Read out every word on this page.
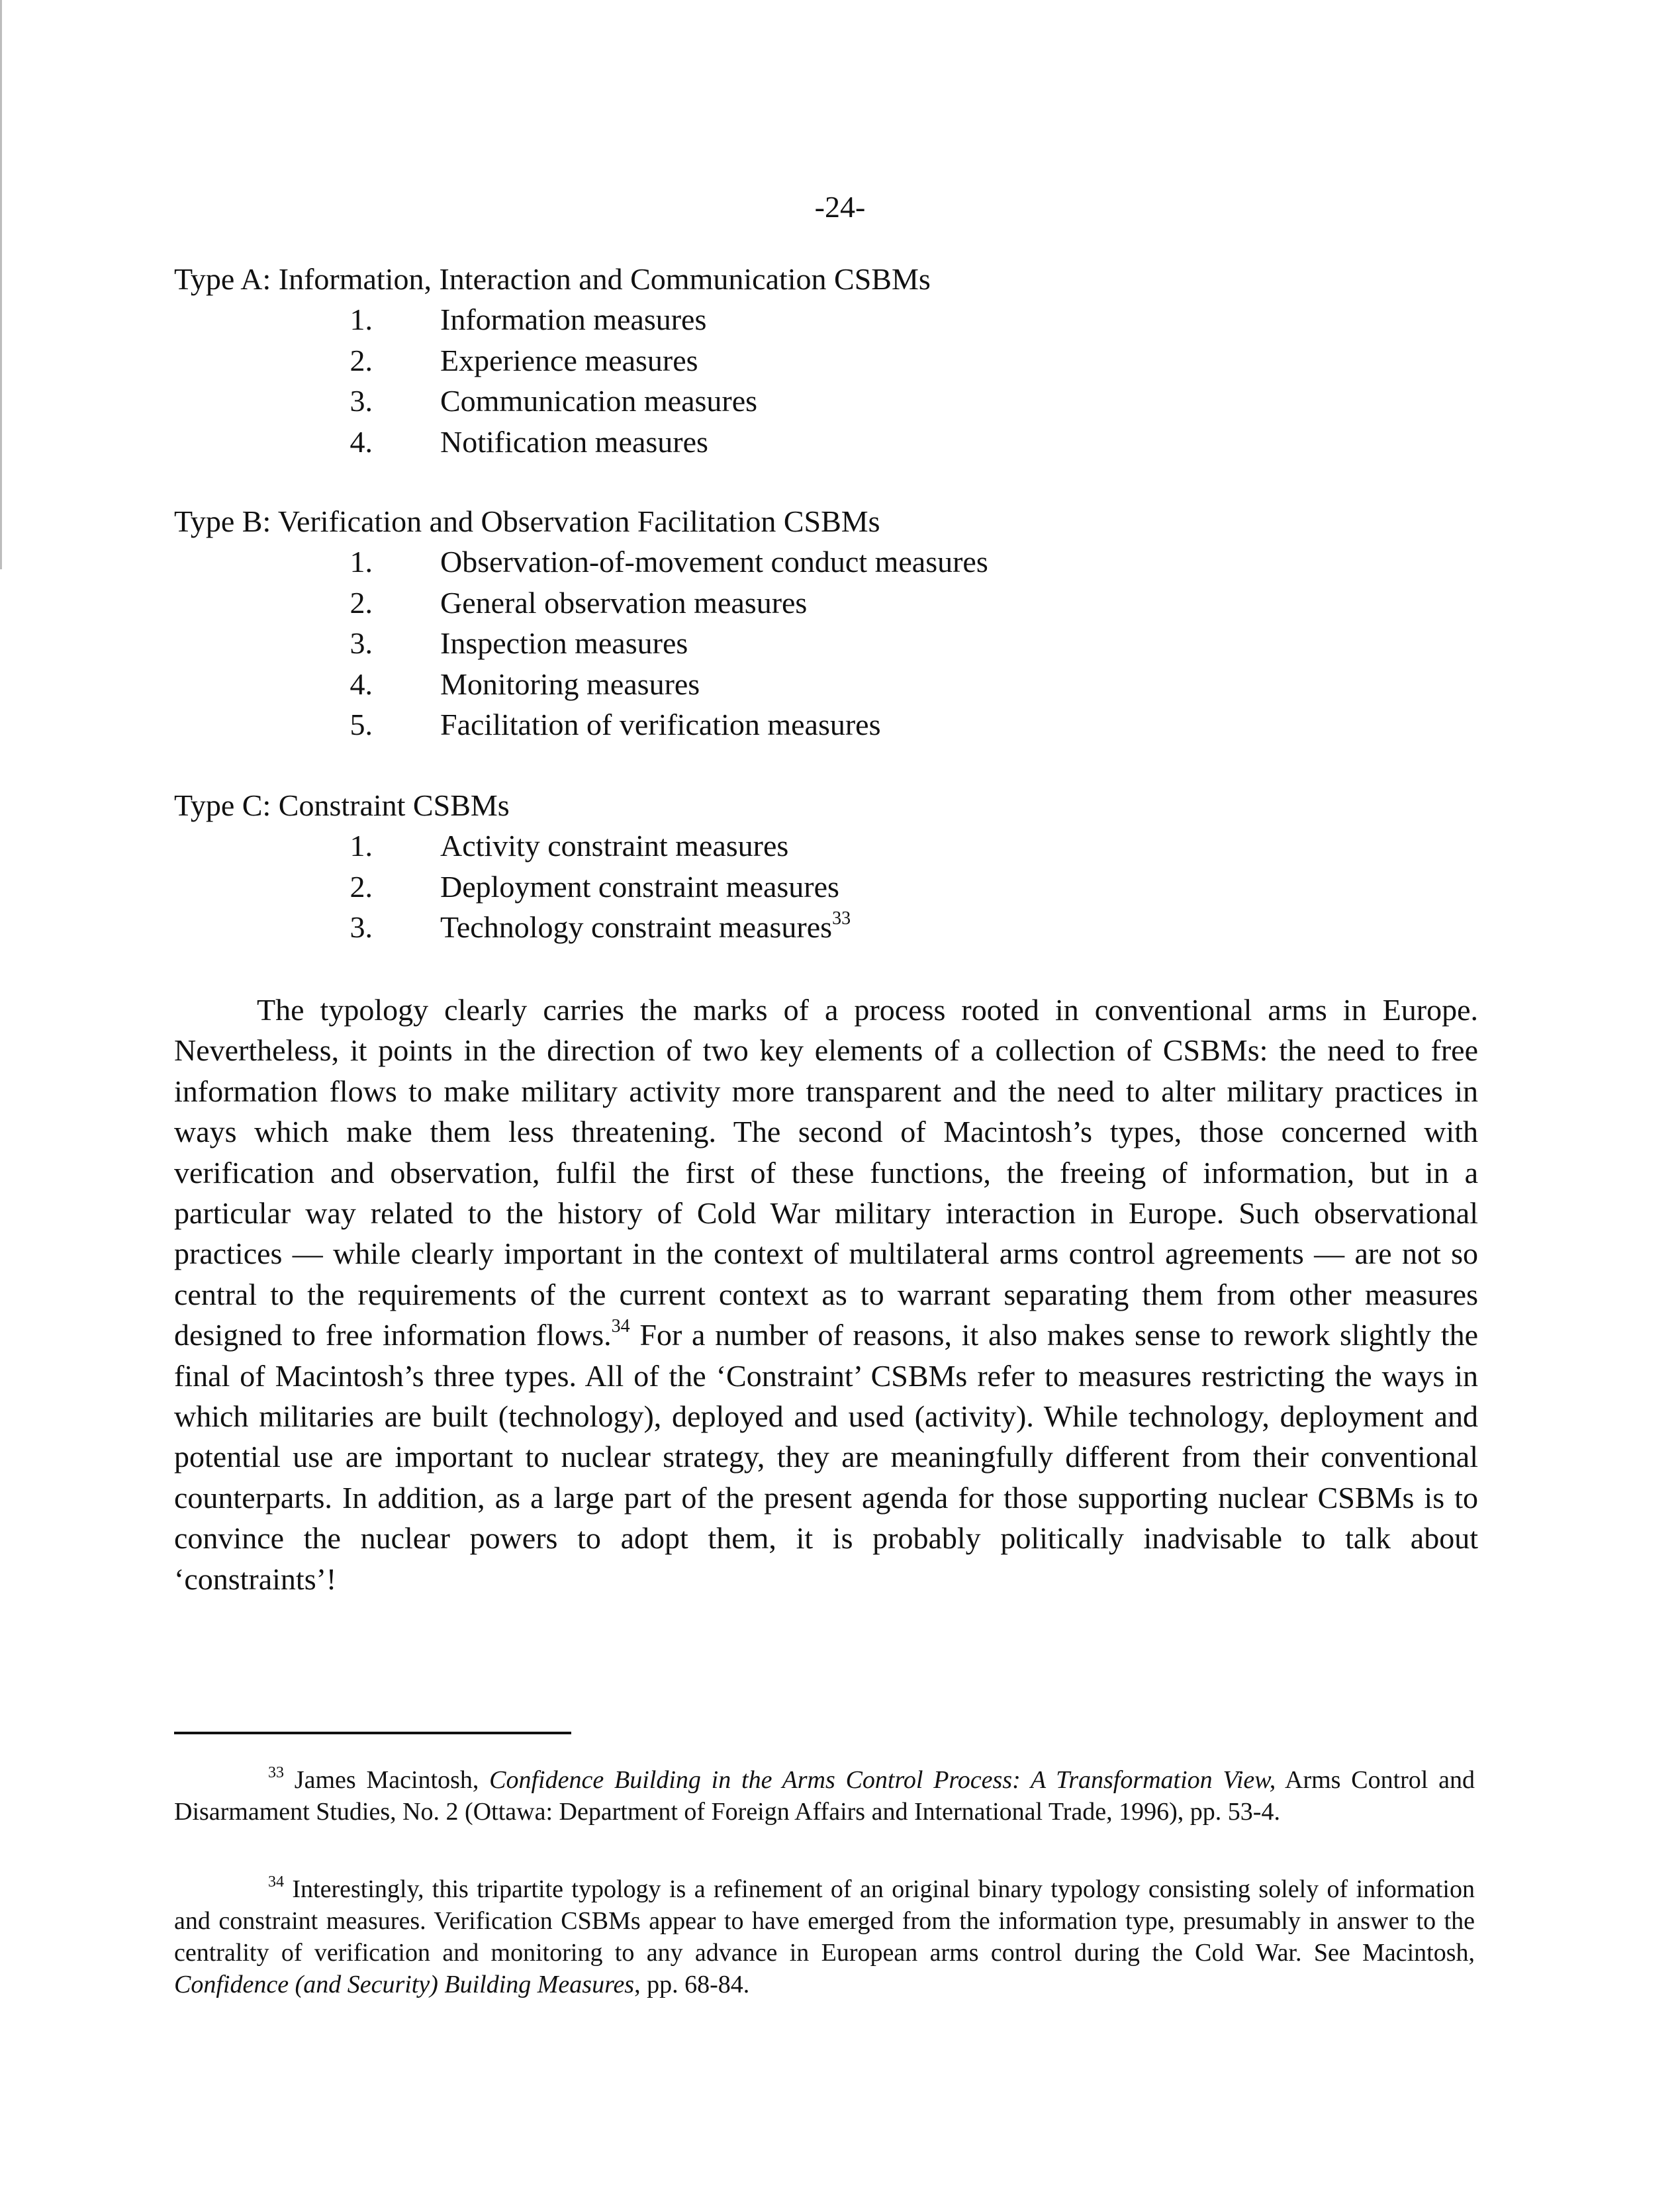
-24-

Type A: Information, Interaction and Communication CSBMs

1.	Information measures
2.	Experience measures
3.	Communication measures
4.	Notification measures

Type B: Verification and Observation Facilitation CSBMs

1.	Observation-of-movement conduct measures
2.	General observation measures
3.	Inspection measures
4.	Monitoring measures
5.	Facilitation of verification measures

Type C: Constraint CSBMs

1.	Activity constraint measures
2.	Deployment constraint measures
3.	Technology constraint measures$^{33}$

The typology clearly carries the marks of a process rooted in conventional arms in Europe. Nevertheless, it points in the direction of two key elements of a collection of CSBMs: the need to free information flows to make military activity more transparent and the need to alter military practices in ways which make them less threatening. The second of Macintosh’s types, those concerned with verification and observation, fulfil the first of these functions, the freeing of information, but in a particular way related to the history of Cold War military interaction in Europe. Such observational practices — while clearly important in the context of multilateral arms control agreements — are not so central to the requirements of the current context as to warrant separating them from other measures designed to free information flows.$^{34}$ For a number of reasons, it also makes sense to rework slightly the final of Macintosh’s three types. All of the ‘Constraint’ CSBMs refer to measures restricting the ways in which militaries are built (technology), deployed and used (activity). While technology, deployment and potential use are important to nuclear strategy, they are meaningfully different from their conventional counterparts. In addition, as a large part of the present agenda for those supporting nuclear CSBMs is to convince the nuclear powers to adopt them, it is probably politically inadvisable to talk about ‘constraints’!

$^{33}$ James Macintosh, Confidence Building in the Arms Control Process: A Transformation View, Arms Control and Disarmament Studies, No. 2 (Ottawa: Department of Foreign Affairs and International Trade, 1996), pp. 53-4.

$^{34}$ Interestingly, this tripartite typology is a refinement of an original binary typology consisting solely of information and constraint measures. Verification CSBMs appear to have emerged from the information type, presumably in answer to the centrality of verification and monitoring to any advance in European arms control during the Cold War. See Macintosh, Confidence (and Security) Building Measures, pp. 68-84.
